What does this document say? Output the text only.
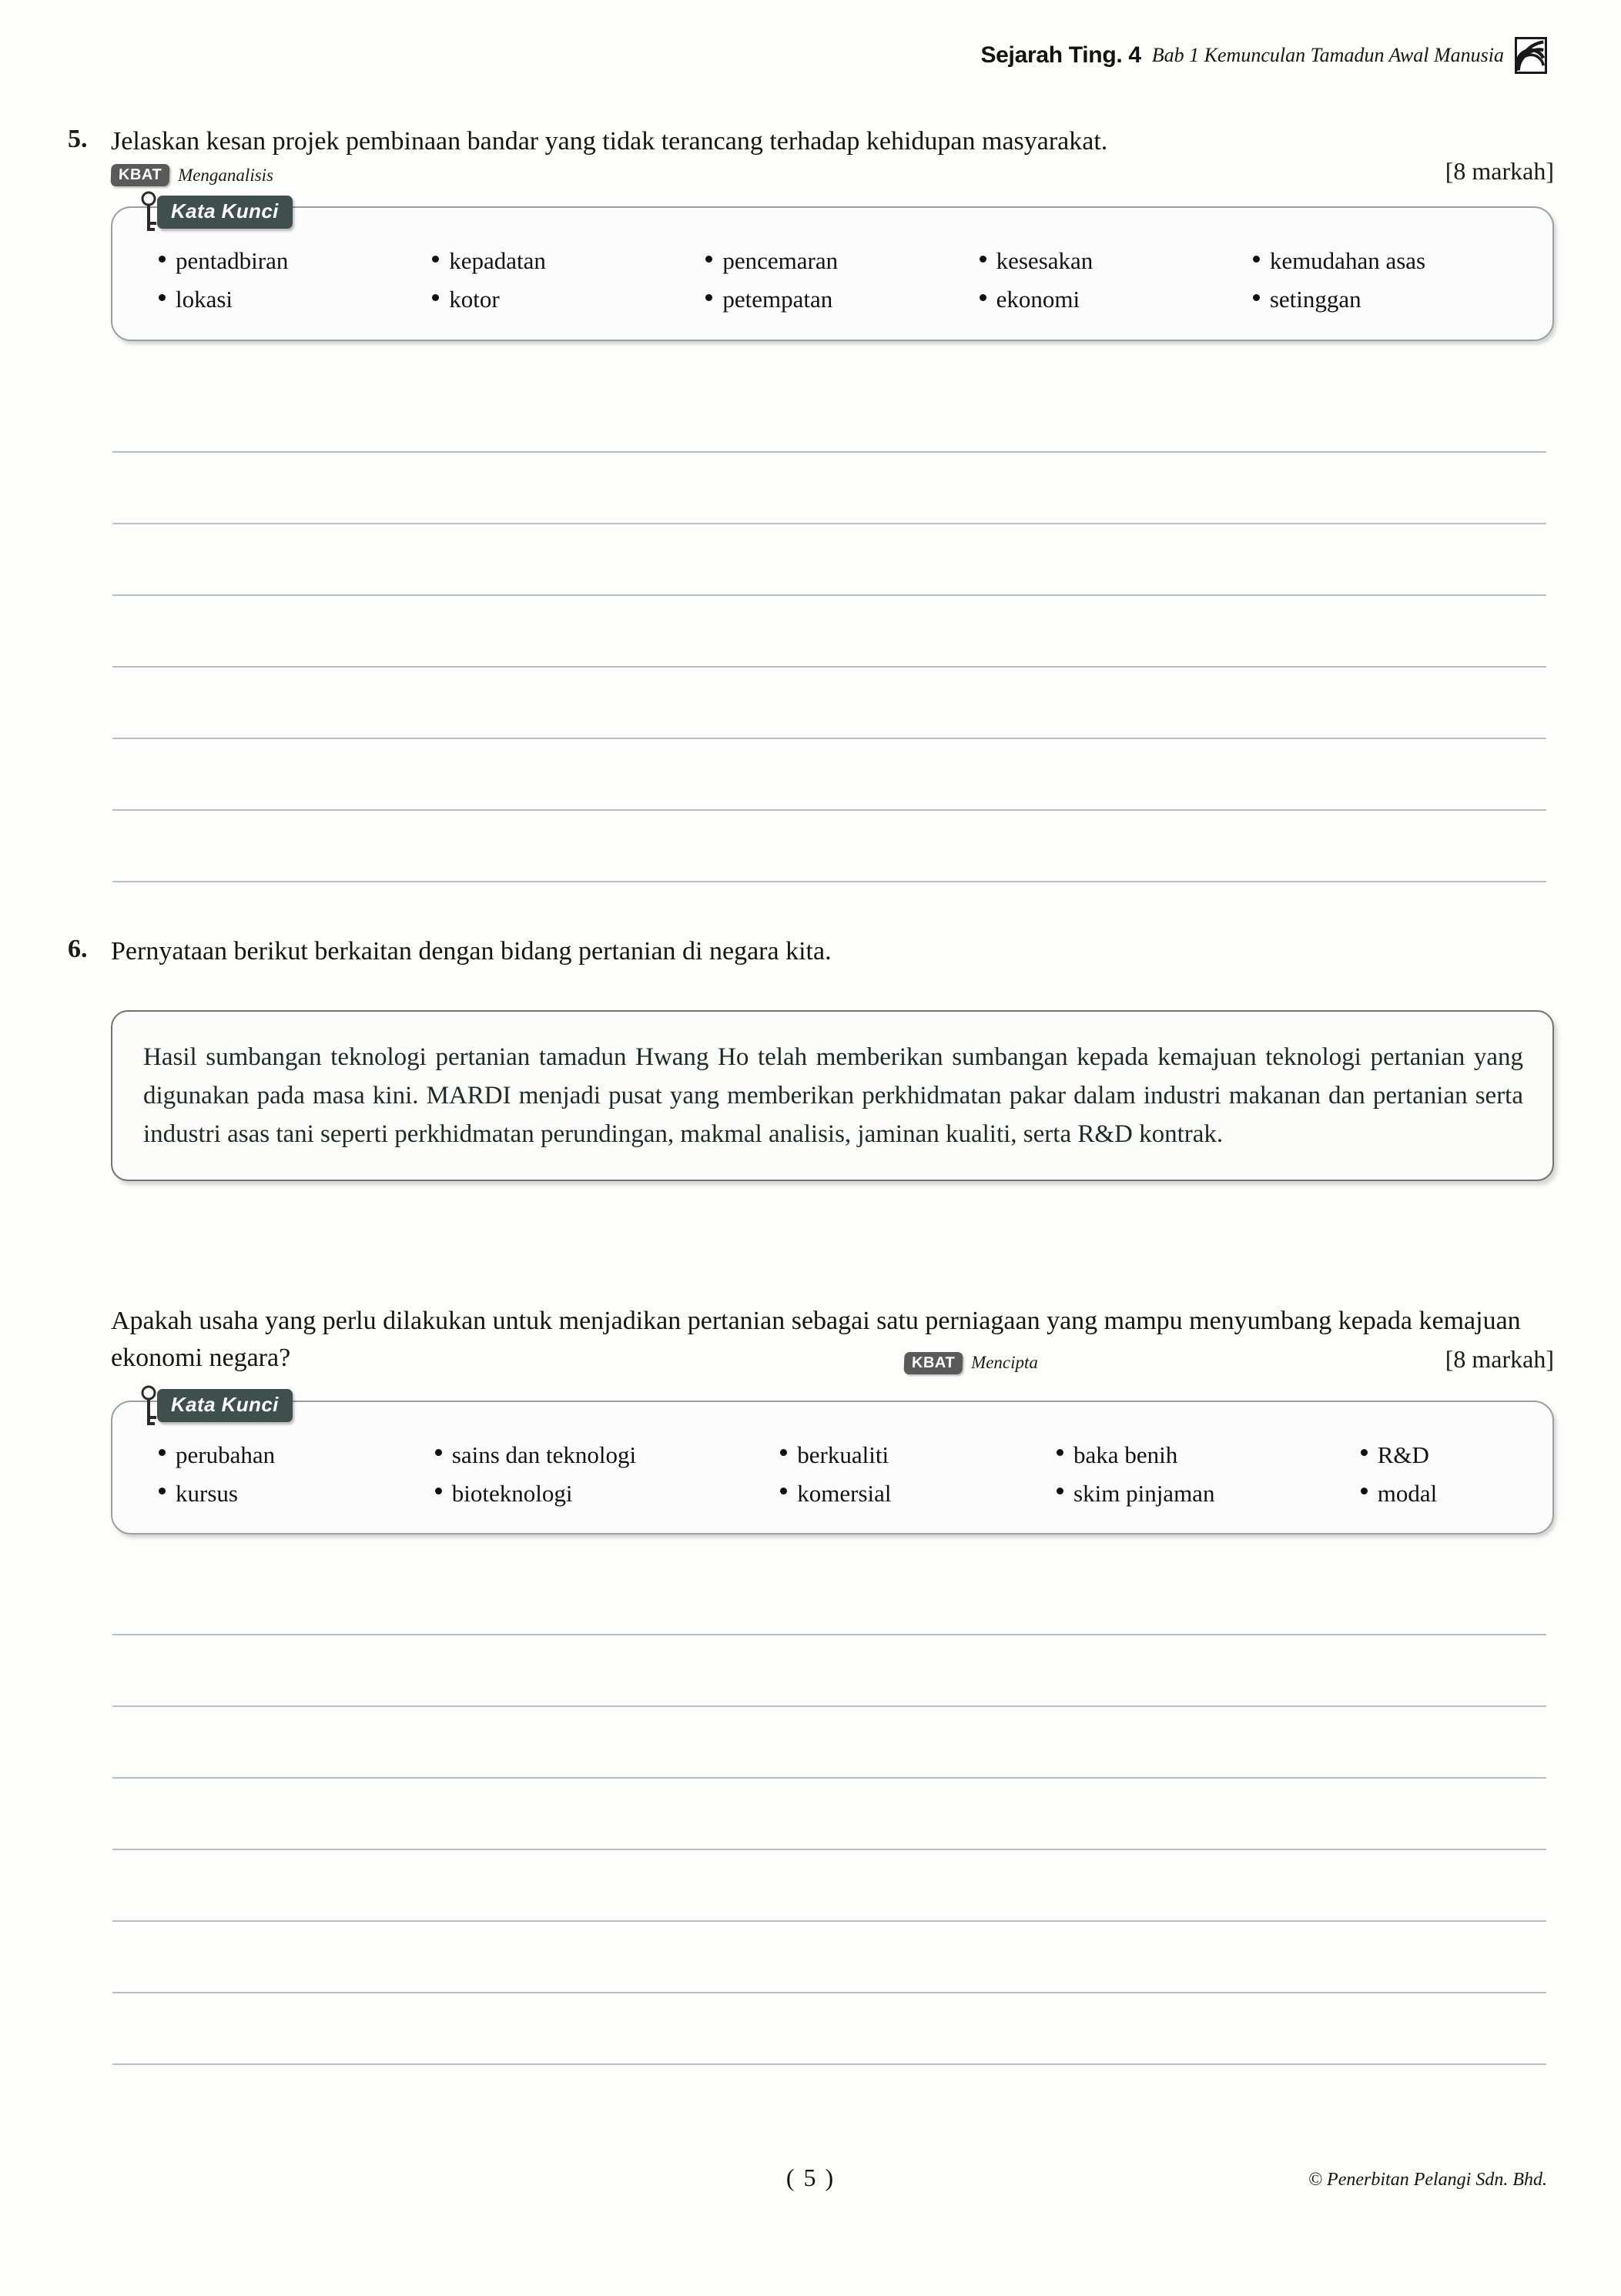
Sejarah Ting. 4 Bab 1 Kemunculan Tamadun Awal Manusia
5. Jelaskan kesan projek pembinaan bandar yang tidak terancang terhadap kehidupan masyarakat.
KBAT Menganalisis	[8 markah]
Kata Kunci
pentadbiran
lokasi
kepadatan
kotor
pencemaran
petempatan
kesesakan
ekonomi
kemudahan asas
setinggan
6. Pernyataan berikut berkaitan dengan bidang pertanian di negara kita.
Hasil sumbangan teknologi pertanian tamadun Hwang Ho telah memberikan sumbangan kepada kemajuan teknologi pertanian yang digunakan pada masa kini. MARDI menjadi pusat yang memberikan perkhidmatan pakar dalam industri makanan dan pertanian serta industri asas tani seperti perkhidmatan perundingan, makmal analisis, jaminan kualiti, serta R&D kontrak.
Apakah usaha yang perlu dilakukan untuk menjadikan pertanian sebagai satu perniagaan yang mampu menyumbang kepada kemajuan ekonomi negara?	KBAT Mencipta	[8 markah]
Kata Kunci
perubahan
kursus
sains dan teknologi
bioteknologi
berkualiti
komersial
baka benih
skim pinjaman
R&D
modal
( 5 )	© Penerbitan Pelangi Sdn. Bhd.
